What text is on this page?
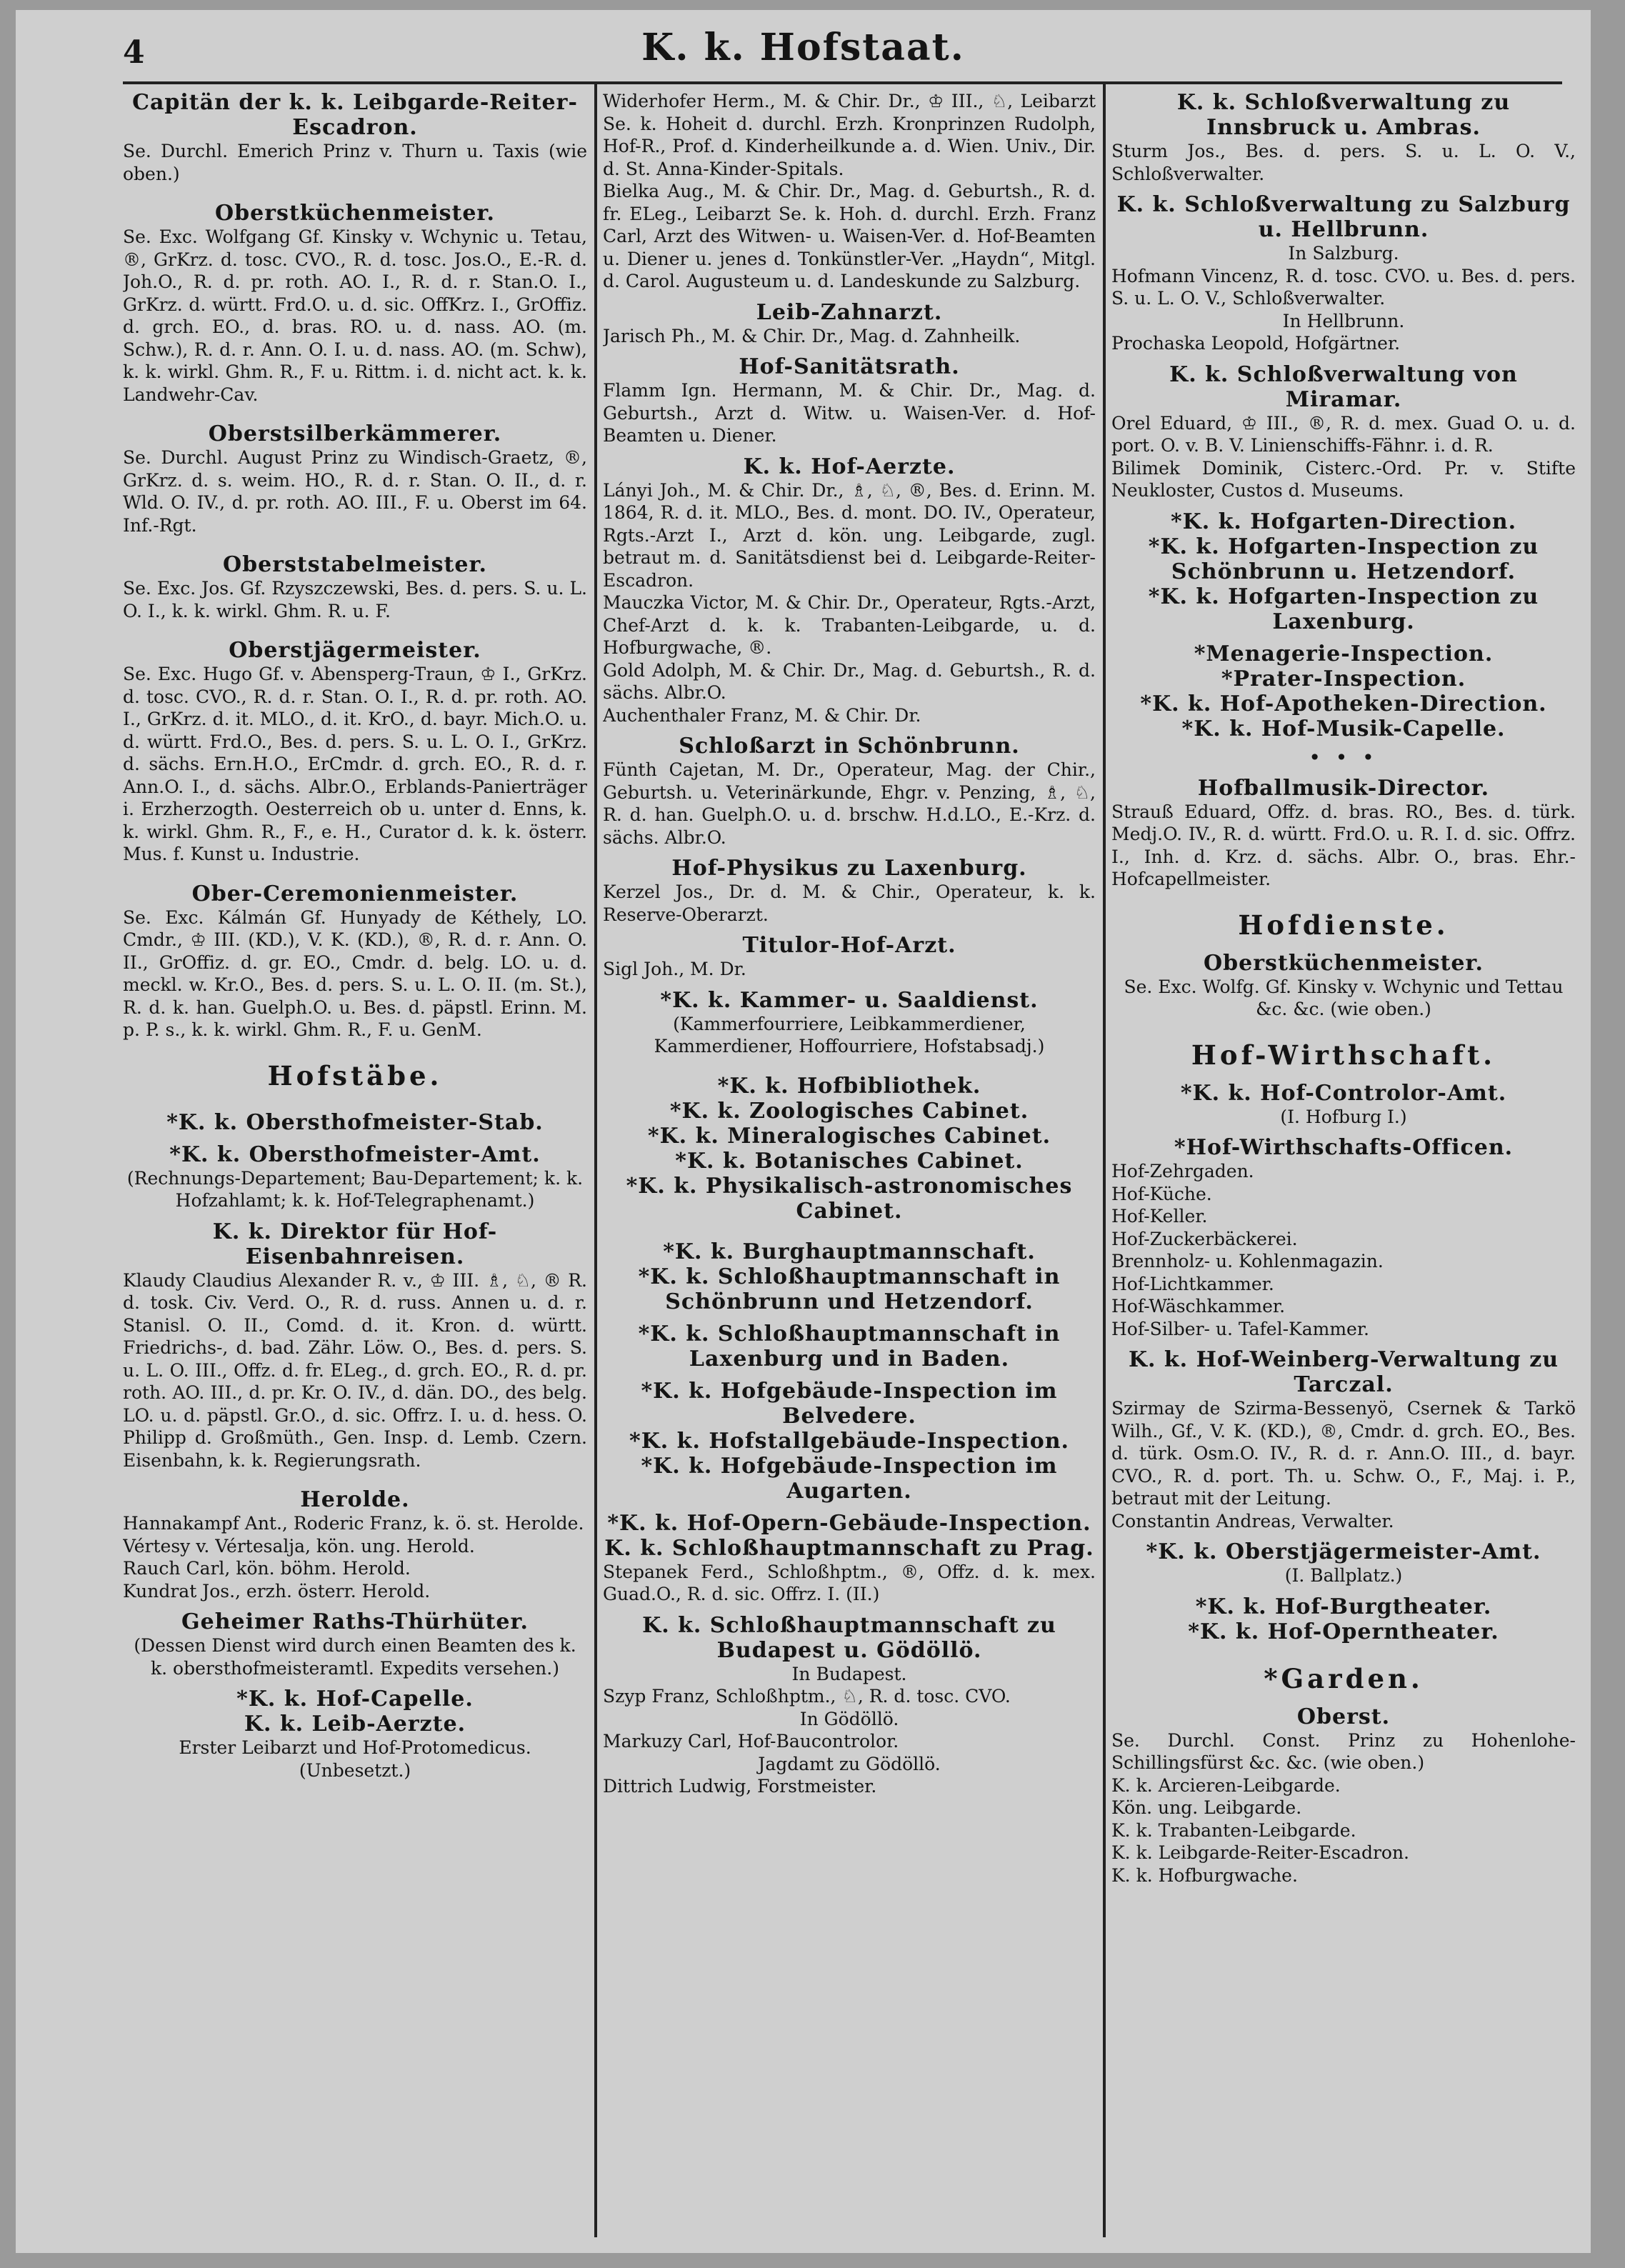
4	K. k. Hofstaat.
Capitän der k. k. Leibgarde-Reiter-Escadron.
Se. Durchl. Emerich Prinz v. Thurn u. Taxis (wie oben.)
Oberstküchenmeister.
Se. Exc. Wolfgang Gf. Kinsky v. Wchynic u. Tetau, ®, GrKrz. d. tosc. CVO., R. d. tosc. Jos.O., E.-R. d. Joh.O., R. d. pr. roth. AO. I., R. d. r. Stan.O. I., GrKrz. d. württ. Frd.O. u. d. sic. OffKrz. I., GrOffiz. d. grch. EO., d. bras. RO. u. d. nass. AO. (m. Schw.), R. d. r. Ann. O. I. u. d. nass. AO. (m. Schw), k. k. wirkl. Ghm. R., F. u. Rittm. i. d. nicht act. k. k. Landwehr-Cav.
Oberstsilberkämmerer.
Se. Durchl. August Prinz zu Windisch-Graetz, ®, GrKrz. d. s. weim. HO., R. d. r. Stan. O. II., d. r. Wld. O. IV., d. pr. roth. AO. III., F. u. Oberst im 64. Inf.-Rgt.
Oberststabelmeister.
Se. Exc. Jos. Gf. Rzyszczewski, Bes. d. pers. S. u. L. O. I., k. k. wirkl. Ghm. R. u. F.
Oberstjägermeister.
Se. Exc. Hugo Gf. v. Abensperg-Traun, ♔ I., GrKrz. d. tosc. CVO., R. d. r. Stan. O. I., R. d. pr. roth. AO. I., GrKrz. d. it. MLO., d. it. KrO., d. bayr. Mich.O. u. d. württ. Frd.O., Bes. d. pers. S. u. L. O. I., GrKrz. d. sächs. Ern.H.O., ErCmdr. d. grch. EO., R. d. r. Ann.O. I., d. sächs. Albr.O., Erblands-Panierträger i. Erzherzogth. Oesterreich ob u. unter d. Enns, k. k. wirkl. Ghm. R., F., e. H., Curator d. k. k. österr. Mus. f. Kunst u. Industrie.
Ober-Ceremonienmeister.
Se. Exc. Kálmán Gf. Hunyady de Kéthely, LO. Cmdr., ♔ III. (KD.), V. K. (KD.), ®, R. d. r. Ann. O. II., GrOffiz. d. gr. EO., Cmdr. d. belg. LO. u. d. meckl. w. Kr.O., Bes. d. pers. S. u. L. O. II. (m. St.), R. d. k. han. Guelph.O. u. Bes. d. päpstl. Erinn. M. p. P. s., k. k. wirkl. Ghm. R., F. u. GenM.
Hofstäbe.
*K. k. Obersthofmeister-Stab.
*K. k. Obersthofmeister-Amt.
(Rechnungs-Departement; Bau-Departement; k. k. Hofzahlamt; k. k. Hof-Telegraphenamt.)
K. k. Direktor für Hof-Eisenbahnreisen.
Klaudy Claudius Alexander R. v., ♔ III. ♗, ♘, ® R. d. tosk. Civ. Verd. O., R. d. russ. Annen u. d. r. Stanisl. O. II., Comd. d. it. Kron. d. württ. Friedrichs-, d. bad. Zähr. Löw. O., Bes. d. pers. S. u. L. O. III., Offz. d. fr. ELeg., d. grch. EO., R. d. pr. roth. AO. III., d. pr. Kr. O. IV., d. dän. DO., des belg. LO. u. d. päpstl. Gr.O., d. sic. Offrz. I. u. d. hess. O. Philipp d. Großmüth., Gen. Insp. d. Lemb. Czern. Eisenbahn, k. k. Regierungsrath.
Herolde.
Hannakampf Ant., Roderic Franz, k. ö. st. Herolde.
Vértesy v. Vértesalja, kön. ung. Herold.
Rauch Carl, kön. böhm. Herold.
Kundrat Jos., erzh. österr. Herold.
Geheimer Raths-Thürhüter.
(Dessen Dienst wird durch einen Beamten des k. k. obersthofmeisteramtl. Expedits versehen.)
*K. k. Hof-Capelle.
K. k. Leib-Aerzte.
Erster Leibarzt und Hof-Protomedicus.
(Unbesetzt.)
Widerhofer Herm., M. & Chir. Dr., ♔ III., ♘, Leibarzt Se. k. Hoheit d. durchl. Erzh. Kronprinzen Rudolph, Hof-R., Prof. d. Kinderheilkunde a. d. Wien. Univ., Dir. d. St. Anna-Kinder-Spitals.
Bielka Aug., M. & Chir. Dr., Mag. d. Geburtsh., R. d. fr. ELeg., Leibarzt Se. k. Hoh. d. durchl. Erzh. Franz Carl, Arzt des Witwen- u. Waisen-Ver. d. Hof-Beamten u. Diener u. jenes d. Tonkünstler-Ver. „Haydn“, Mitgl. d. Carol. Augusteum u. d. Landeskunde zu Salzburg.
Leib-Zahnarzt.
Jarisch Ph., M. & Chir. Dr., Mag. d. Zahnheilk.
Hof-Sanitätsrath.
Flamm Ign. Hermann, M. & Chir. Dr., Mag. d. Geburtsh., Arzt d. Witw. u. Waisen-Ver. d. Hof-Beamten u. Diener.
K. k. Hof-Aerzte.
Lányi Joh., M. & Chir. Dr., ♗, ♘, ®, Bes. d. Erinn. M. 1864, R. d. it. MLO., Bes. d. mont. DO. IV., Operateur, Rgts.-Arzt I., Arzt d. kön. ung. Leibgarde, zugl. betraut m. d. Sanitätsdienst bei d. Leibgarde-Reiter-Escadron.
Mauczka Victor, M. & Chir. Dr., Operateur, Rgts.-Arzt, Chef-Arzt d. k. k. Trabanten-Leibgarde, u. d. Hofburgwache, ®.
Gold Adolph, M. & Chir. Dr., Mag. d. Geburtsh., R. d. sächs. Albr.O.
Auchenthaler Franz, M. & Chir. Dr.
Schloßarzt in Schönbrunn.
Fünth Cajetan, M. Dr., Operateur, Mag. der Chir., Geburtsh. u. Veterinärkunde, Ehgr. v. Penzing, ♗, ♘, R. d. han. Guelph.O. u. d. brschw. H.d.LO., E.-Krz. d. sächs. Albr.O.
Hof-Physikus zu Laxenburg.
Kerzel Jos., Dr. d. M. & Chir., Operateur, k. k. Reserve-Oberarzt.
Titulor-Hof-Arzt.
Sigl Joh., M. Dr.
*K. k. Kammer- u. Saaldienst.
(Kammerfourriere, Leibkammerdiener, Kammerdiener, Hoffourriere, Hofstabsadj.)
*K. k. Hofbibliothek.
*K. k. Zoologisches Cabinet.
*K. k. Mineralogisches Cabinet.
*K. k. Botanisches Cabinet.
*K. k. Physikalisch-astronomisches Cabinet.
*K. k. Burghauptmannschaft.
*K. k. Schloßhauptmannschaft in Schönbrunn und Hetzendorf.
*K. k. Schloßhauptmannschaft in Laxenburg und in Baden.
*K. k. Hofgebäude-Inspection im Belvedere.
*K. k. Hofstallgebäude-Inspection.
*K. k. Hofgebäude-Inspection im Augarten.
*K. k. Hof-Opern-Gebäude-Inspection.
K. k. Schloßhauptmannschaft zu Prag.
Stepanek Ferd., Schloßhptm., ®, Offz. d. k. mex. Guad.O., R. d. sic. Offrz. I. (II.)
K. k. Schloßhauptmannschaft zu Budapest u. Gödöllö.
In Budapest.
Szyp Franz, Schloßhptm., ♘, R. d. tosc. CVO.
In Gödöllö.
Markuzy Carl, Hof-Baucontrolor.
Jagdamt zu Gödöllö.
Dittrich Ludwig, Forstmeister.
K. k. Schloßverwaltung zu Innsbruck u. Ambras.
Sturm Jos., Bes. d. pers. S. u. L. O. V., Schloßverwalter.
K. k. Schloßverwaltung zu Salzburg u. Hellbrunn.
In Salzburg.
Hofmann Vincenz, R. d. tosc. CVO. u. Bes. d. pers. S. u. L. O. V., Schloßverwalter.
In Hellbrunn.
Prochaska Leopold, Hofgärtner.
K. k. Schloßverwaltung von Miramar.
Orel Eduard, ♔ III., ®, R. d. mex. Guad O. u. d. port. O. v. B. V. Linienschiffs-Fähnr. i. d. R.
Bilimek Dominik, Cisterc.-Ord. Pr. v. Stifte Neukloster, Custos d. Museums.
*K. k. Hofgarten-Direction.
*K. k. Hofgarten-Inspection zu Schönbrunn u. Hetzendorf.
*K. k. Hofgarten-Inspection zu Laxenburg.
*Menagerie-Inspection.
*Prater-Inspection.
*K. k. Hof-Apotheken-Direction.
*K. k. Hof-Musik-Capelle.
• • •
Hofballmusik-Director.
Strauß Eduard, Offz. d. bras. RO., Bes. d. türk. Medj.O. IV., R. d. württ. Frd.O. u. R. I. d. sic. Offrz. I., Inh. d. Krz. d. sächs. Albr. O., bras. Ehr.-Hofcapellmeister.
Hofdienste.
Oberstküchenmeister.
Se. Exc. Wolfg. Gf. Kinsky v. Wchynic und Tettau &c. &c. (wie oben.)
Hof-Wirthschaft.
*K. k. Hof-Controlor-Amt.
(I. Hofburg I.)
*Hof-Wirthschafts-Officen.
Hof-Zehrgaden.
Hof-Küche.
Hof-Keller.
Hof-Zuckerbäckerei.
Brennholz- u. Kohlenmagazin.
Hof-Lichtkammer.
Hof-Wäschkammer.
Hof-Silber- u. Tafel-Kammer.
K. k. Hof-Weinberg-Verwaltung zu Tarczal.
Szirmay de Szirma-Bessenyö, Csernek & Tarkö Wilh., Gf., V. K. (KD.), ®, Cmdr. d. grch. EO., Bes. d. türk. Osm.O. IV., R. d. r. Ann.O. III., d. bayr. CVO., R. d. port. Th. u. Schw. O., F., Maj. i. P., betraut mit der Leitung.
Constantin Andreas, Verwalter.
*K. k. Oberstjägermeister-Amt.
(I. Ballplatz.)
*K. k. Hof-Burgtheater.
*K. k. Hof-Operntheater.
*Garden.
Oberst.
Se. Durchl. Const. Prinz zu Hohenlohe-Schillingsfürst &c. &c. (wie oben.)
K. k. Arcieren-Leibgarde.
Kön. ung. Leibgarde.
K. k. Trabanten-Leibgarde.
K. k. Leibgarde-Reiter-Escadron.
K. k. Hofburgwache.
